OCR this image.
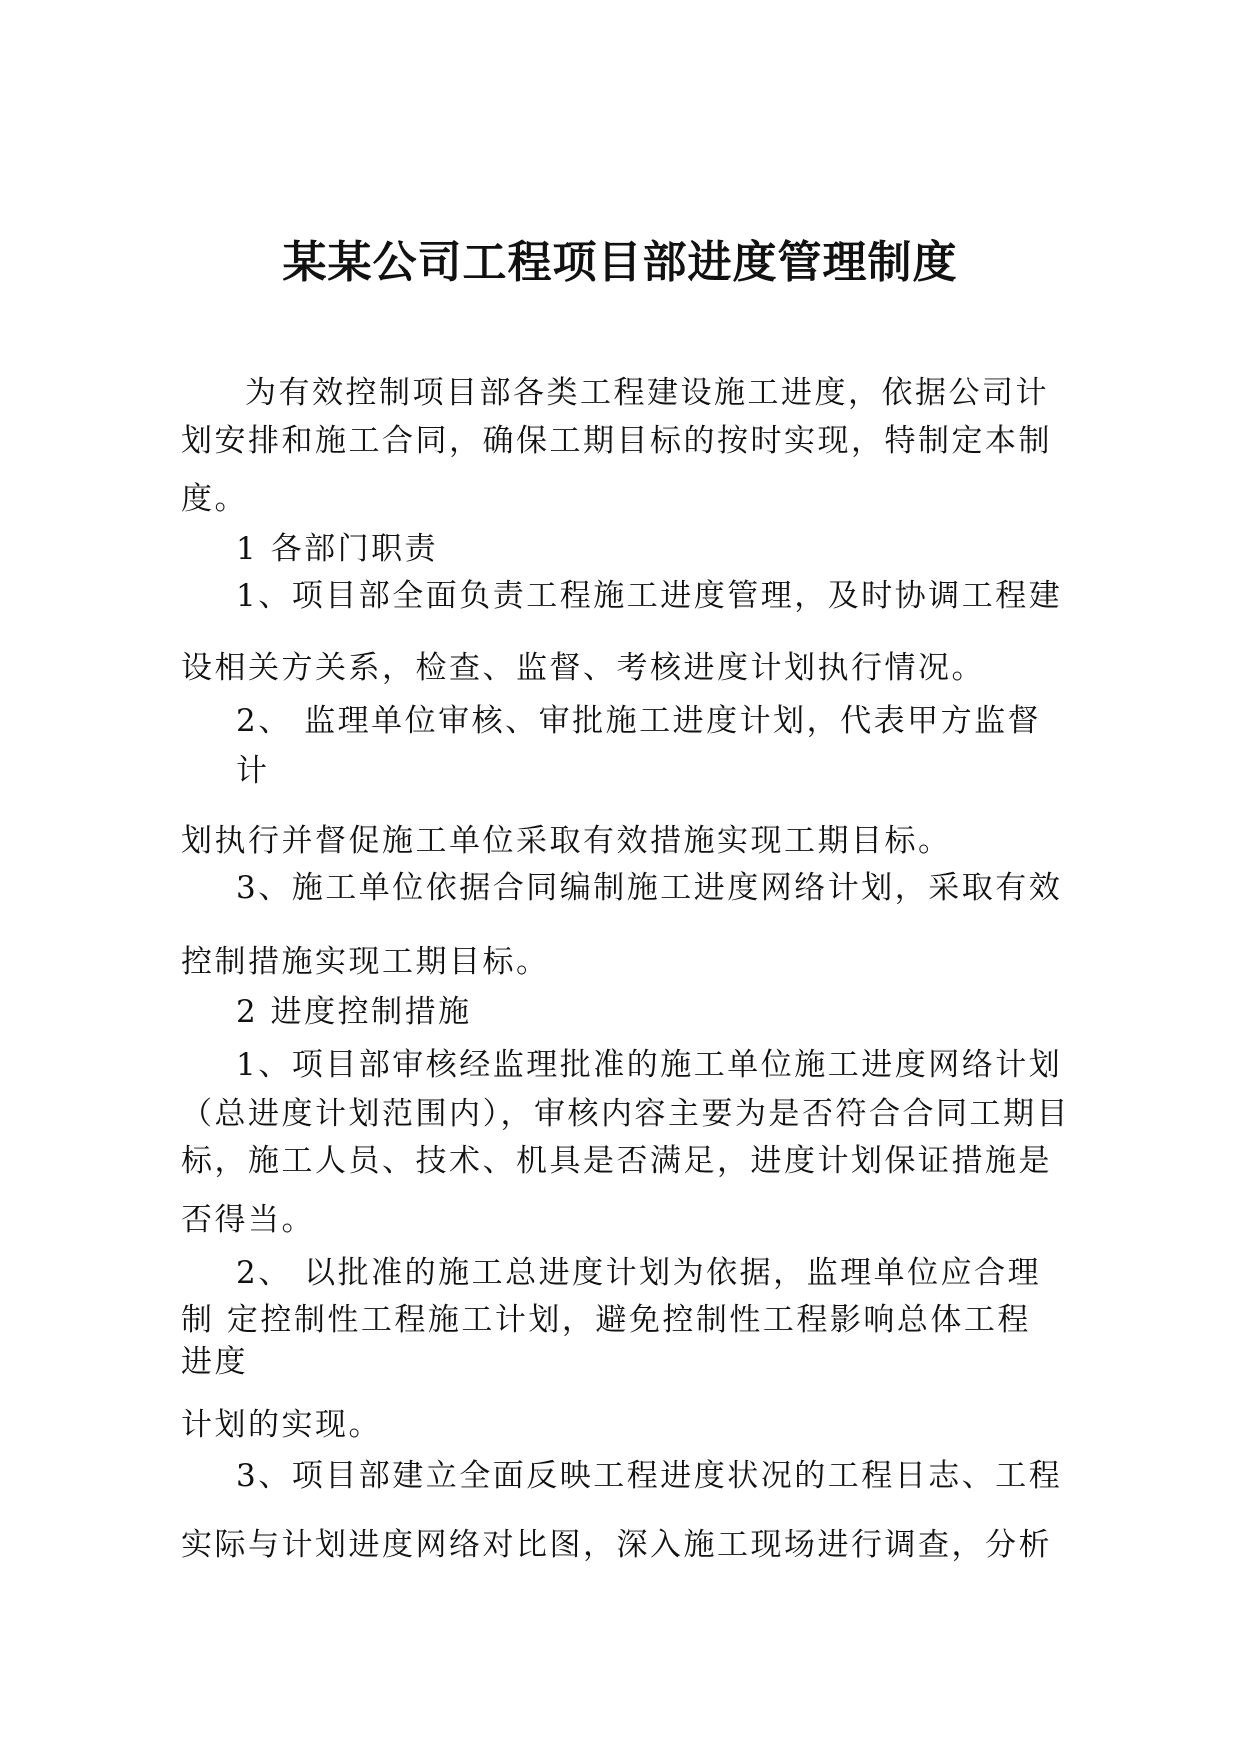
某某公司工程项目部进度管理制度
为有效控制项目部各类工程建设施工进度，依据公司计
划安排和施工合同，确保工期目标的按时实现，特制定本制
度。
1 各部门职责
1、项目部全面负责工程施工进度管理，及时协调工程建
设相关方关系，检查、监督、考核进度计划执行情况。
2、 监理单位审核、审批施工进度计划，代表甲方监督
计
划执行并督促施工单位采取有效措施实现工期目标。
3、施工单位依据合同编制施工进度网络计划，采取有效
控制措施实现工期目标。
2 进度控制措施
1、项目部审核经监理批准的施工单位施工进度网络计划
（总进度计划范围内），审核内容主要为是否符合合同工期目
标，施工人员、技术、机具是否满足，进度计划保证措施是
否得当。
2、 以批准的施工总进度计划为依据，监理单位应合理
制 定控制性工程施工计划，避免控制性工程影响总体工程
进度
计划的实现。
3、项目部建立全面反映工程进度状况的工程日志、工程
实际与计划进度网络对比图，深入施工现场进行调查，分析
